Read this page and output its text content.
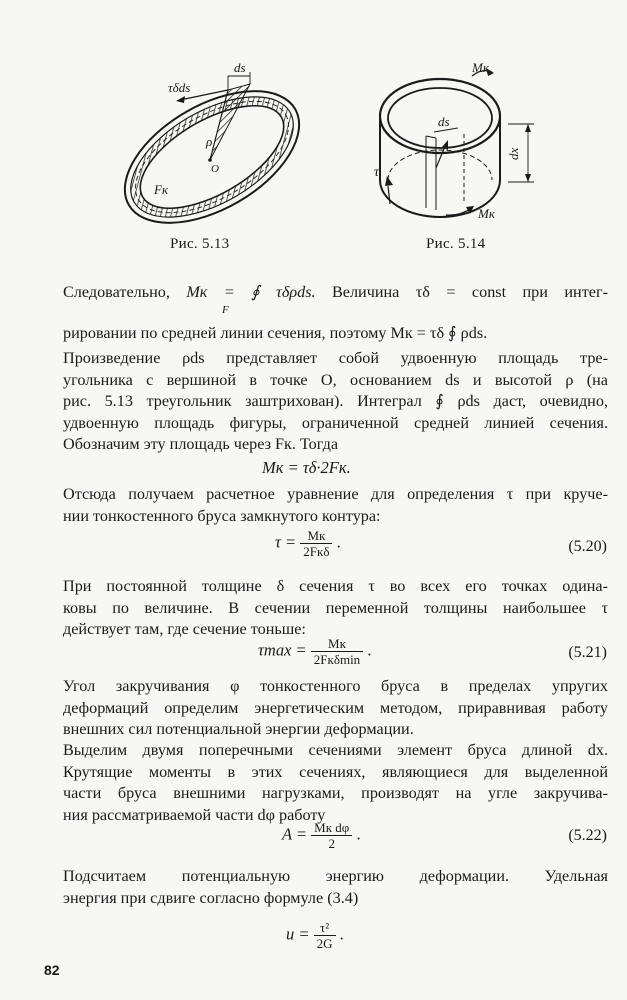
τδds
ds
ρ
O
Fк
Рис. 5.13
Mк
ds
τ
Mк
dx
Рис. 5.14
Следовательно, Mк = ∮ τδρds. Величина τδ = const при интег-
F
рировании по средней линии сечения, поэтому Mк = τδ ∮ ρds.
Произведение ρds представляет собой удвоенную площадь тре-
угольника с вершиной в точке O, основанием ds и высотой ρ (на
рис. 5.13 треугольник заштрихован). Интеграл ∮ ρds даст, очевидно,
удвоенную площадь фигуры, ограниченной средней линией сечения.
Обозначим эту площадь через Fк. Тогда
Mк = τδ·2Fк.
Отсюда получаем расчетное уравнение для определения τ при круче-
нии тонкостенного бруса замкнутого контура:
$\tau = \frac{Mк}{\text{2Fкδ}}$ .	(5.20)
При постоянной толщине δ сечения τ во всех его точках одина-
ковы по величине. В сечении переменной толщины наибольшее τ
действует там, где сечение тоньше:
$\tau\max = \frac{Mк}{\text{2Fкδmin}}$ .	(5.21)
Угол закручивания φ тонкостенного бруса в пределах упругих
деформаций определим энергетическим методом, приравнивая работу
внешних сил потенциальной энергии деформации.
Выделим двумя поперечными сечениями элемент бруса длиной dx.
Крутящие моменты в этих сечениях, являющиеся для выделенной
части бруса внешними нагрузками, производят на угле закручива-
ния рассматриваемой части dφ работу
$A = \frac{\text{Mк dφ}}{2}$ .	(5.22)
Подсчитаем потенциальную энергию деформации. Удельная
энергия при сдвиге согласно формуле (3.4)
$u = \frac{\text{τ²}}{2G}$ .
82
